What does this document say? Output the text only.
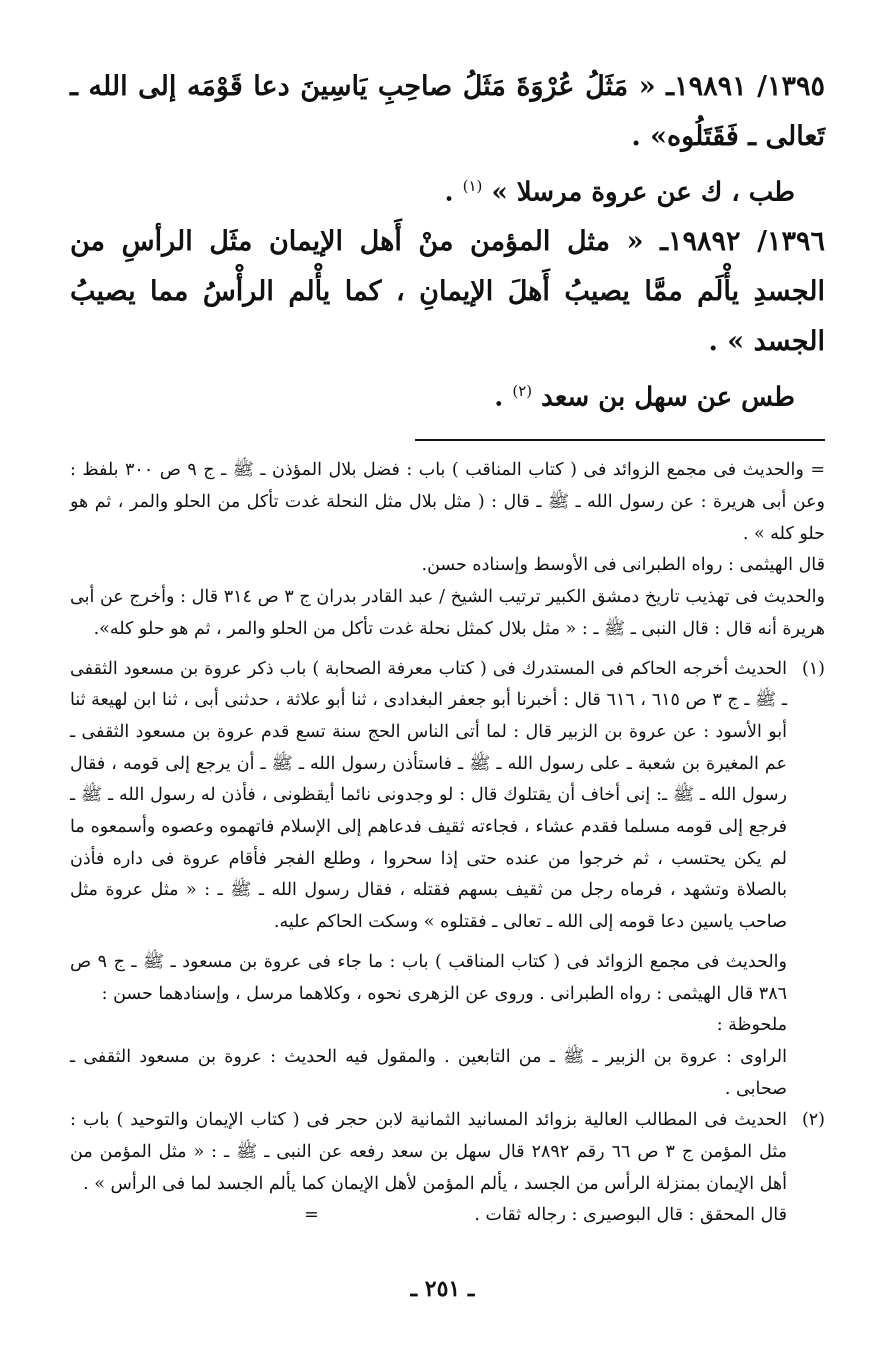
١٣٩٥/ ١٩٨٩١ـ « مَثَلُ عُرْوَةَ مَثَلُ صاحِبِ يَاسِينَ دعا قَوْمَه إلى الله ـ تَعالى ـ فَقَتَلُوه» .

طب ، ك عن عروة مرسلا » $^{(١)}$ .

١٣٩٦/ ١٩٨٩٢ـ « مثل المؤمن منْ أَهل الإيمان مثَل الرأسِ من الجسدِ يأْلَم ممَّا يصيبُ أَهلَ الإيمانِ ، كما يأْلم الرأْسُ مما يصيبُ الجسد » .

طس عن سهل بن سعد $^{(٢)}$ .

= والحديث فى مجمع الزوائد فى ( كتاب المناقب ) باب : فضل بلال المؤذن ـ ﷺ ـ ج ٩ ص ٣٠٠ بلفظ : وعن أبى هريرة : عن رسول الله ـ ﷺ ـ قال : ( مثل بلال مثل النحلة غدت تأكل من الحلو والمر ، ثم هو حلو كله » .

قال الهيثمى : رواه الطبرانى فى الأوسط وإسناده حسن.

والحديث فى تهذيب تاريخ دمشق الكبير ترتيب الشيخ / عبد القادر بدران ج ٣ ص ٣١٤ قال : وأخرج عن أبى هريرة أنه قال : قال النبى ـ ﷺ ـ : « مثل بلال كمثل نحلة غدت تأكل من الحلو والمر ، ثم هو حلو كله».

(١)

الحديث أخرجه الحاكم فى المستدرك فى ( كتاب معرفة الصحابة ) باب ذكر عروة بن مسعود الثقفى ـ ﷺ ـ ج ٣ ص ٦١٥ ، ٦١٦ قال : أخبرنا أبو جعفر البغدادى ، ثنا أبو علاثة ، حدثنى أبى ، ثنا ابن لهيعة ثنا أبو الأسود : عن عروة بن الزبير قال : لما أتى الناس الحج سنة تسع قدم عروة بن مسعود الثقفى ـ عم المغيرة بن شعبة ـ على رسول الله ـ ﷺ ـ فاستأذن رسول الله ـ ﷺ ـ أن يرجع إلى قومه ، فقال رسول الله ـ ﷺ ـ: إنى أخاف أن يقتلوك قال : لو وجدونى نائما أيقظونى ، فأذن له رسول الله ـ ﷺ ـ فرجع إلى قومه مسلما فقدم عشاء ، فجاءته ثقيف فدعاهم إلى الإسلام فاتهموه وعصوه وأسمعوه ما لم يكن يحتسب ، ثم خرجوا من عنده حتى إذا سحروا ، وطلع الفجر فأقام عروة فى داره فأذن بالصلاة وتشهد ، فرماه رجل من ثقيف بسهم فقتله ، فقال رسول الله ـ ﷺ ـ : « مثل عروة مثل صاحب ياسين دعا قومه إلى الله ـ تعالى ـ فقتلوه » وسكت الحاكم عليه.

والحديث فى مجمع الزوائد فى ( كتاب المناقب ) باب : ما جاء فى عروة بن مسعود ـ ﷺ ـ ج ٩ ص ٣٨٦ قال الهيثمى : رواه الطبرانى . وروى عن الزهرى نحوه ، وكلاهما مرسل ، وإسنادهما حسن :

ملحوظة :

الراوى : عروة بن الزبير ـ ﷺ ـ من التابعين . والمقول فيه الحديث : عروة بن مسعود الثقفى ـ صحابى .

(٢)

الحديث فى المطالب العالية بزوائد المسانيد الثمانية لابن حجر فى ( كتاب الإيمان والتوحيد ) باب : مثل المؤمن ج ٣ ص ٦٦ رقم ٢٨٩٢ قال سهل بن سعد رفعه عن النبى ـ ﷺ ـ : « مثل المؤمن من أهل الإيمان بمنزلة الرأس من الجسد ، يألم المؤمن لأهل الإيمان كما يألم الجسد لما فى الرأس » .

قال المحقق : قال البوصيرى : رجاله ثقات . =

ـ ٢٥١ ـ
